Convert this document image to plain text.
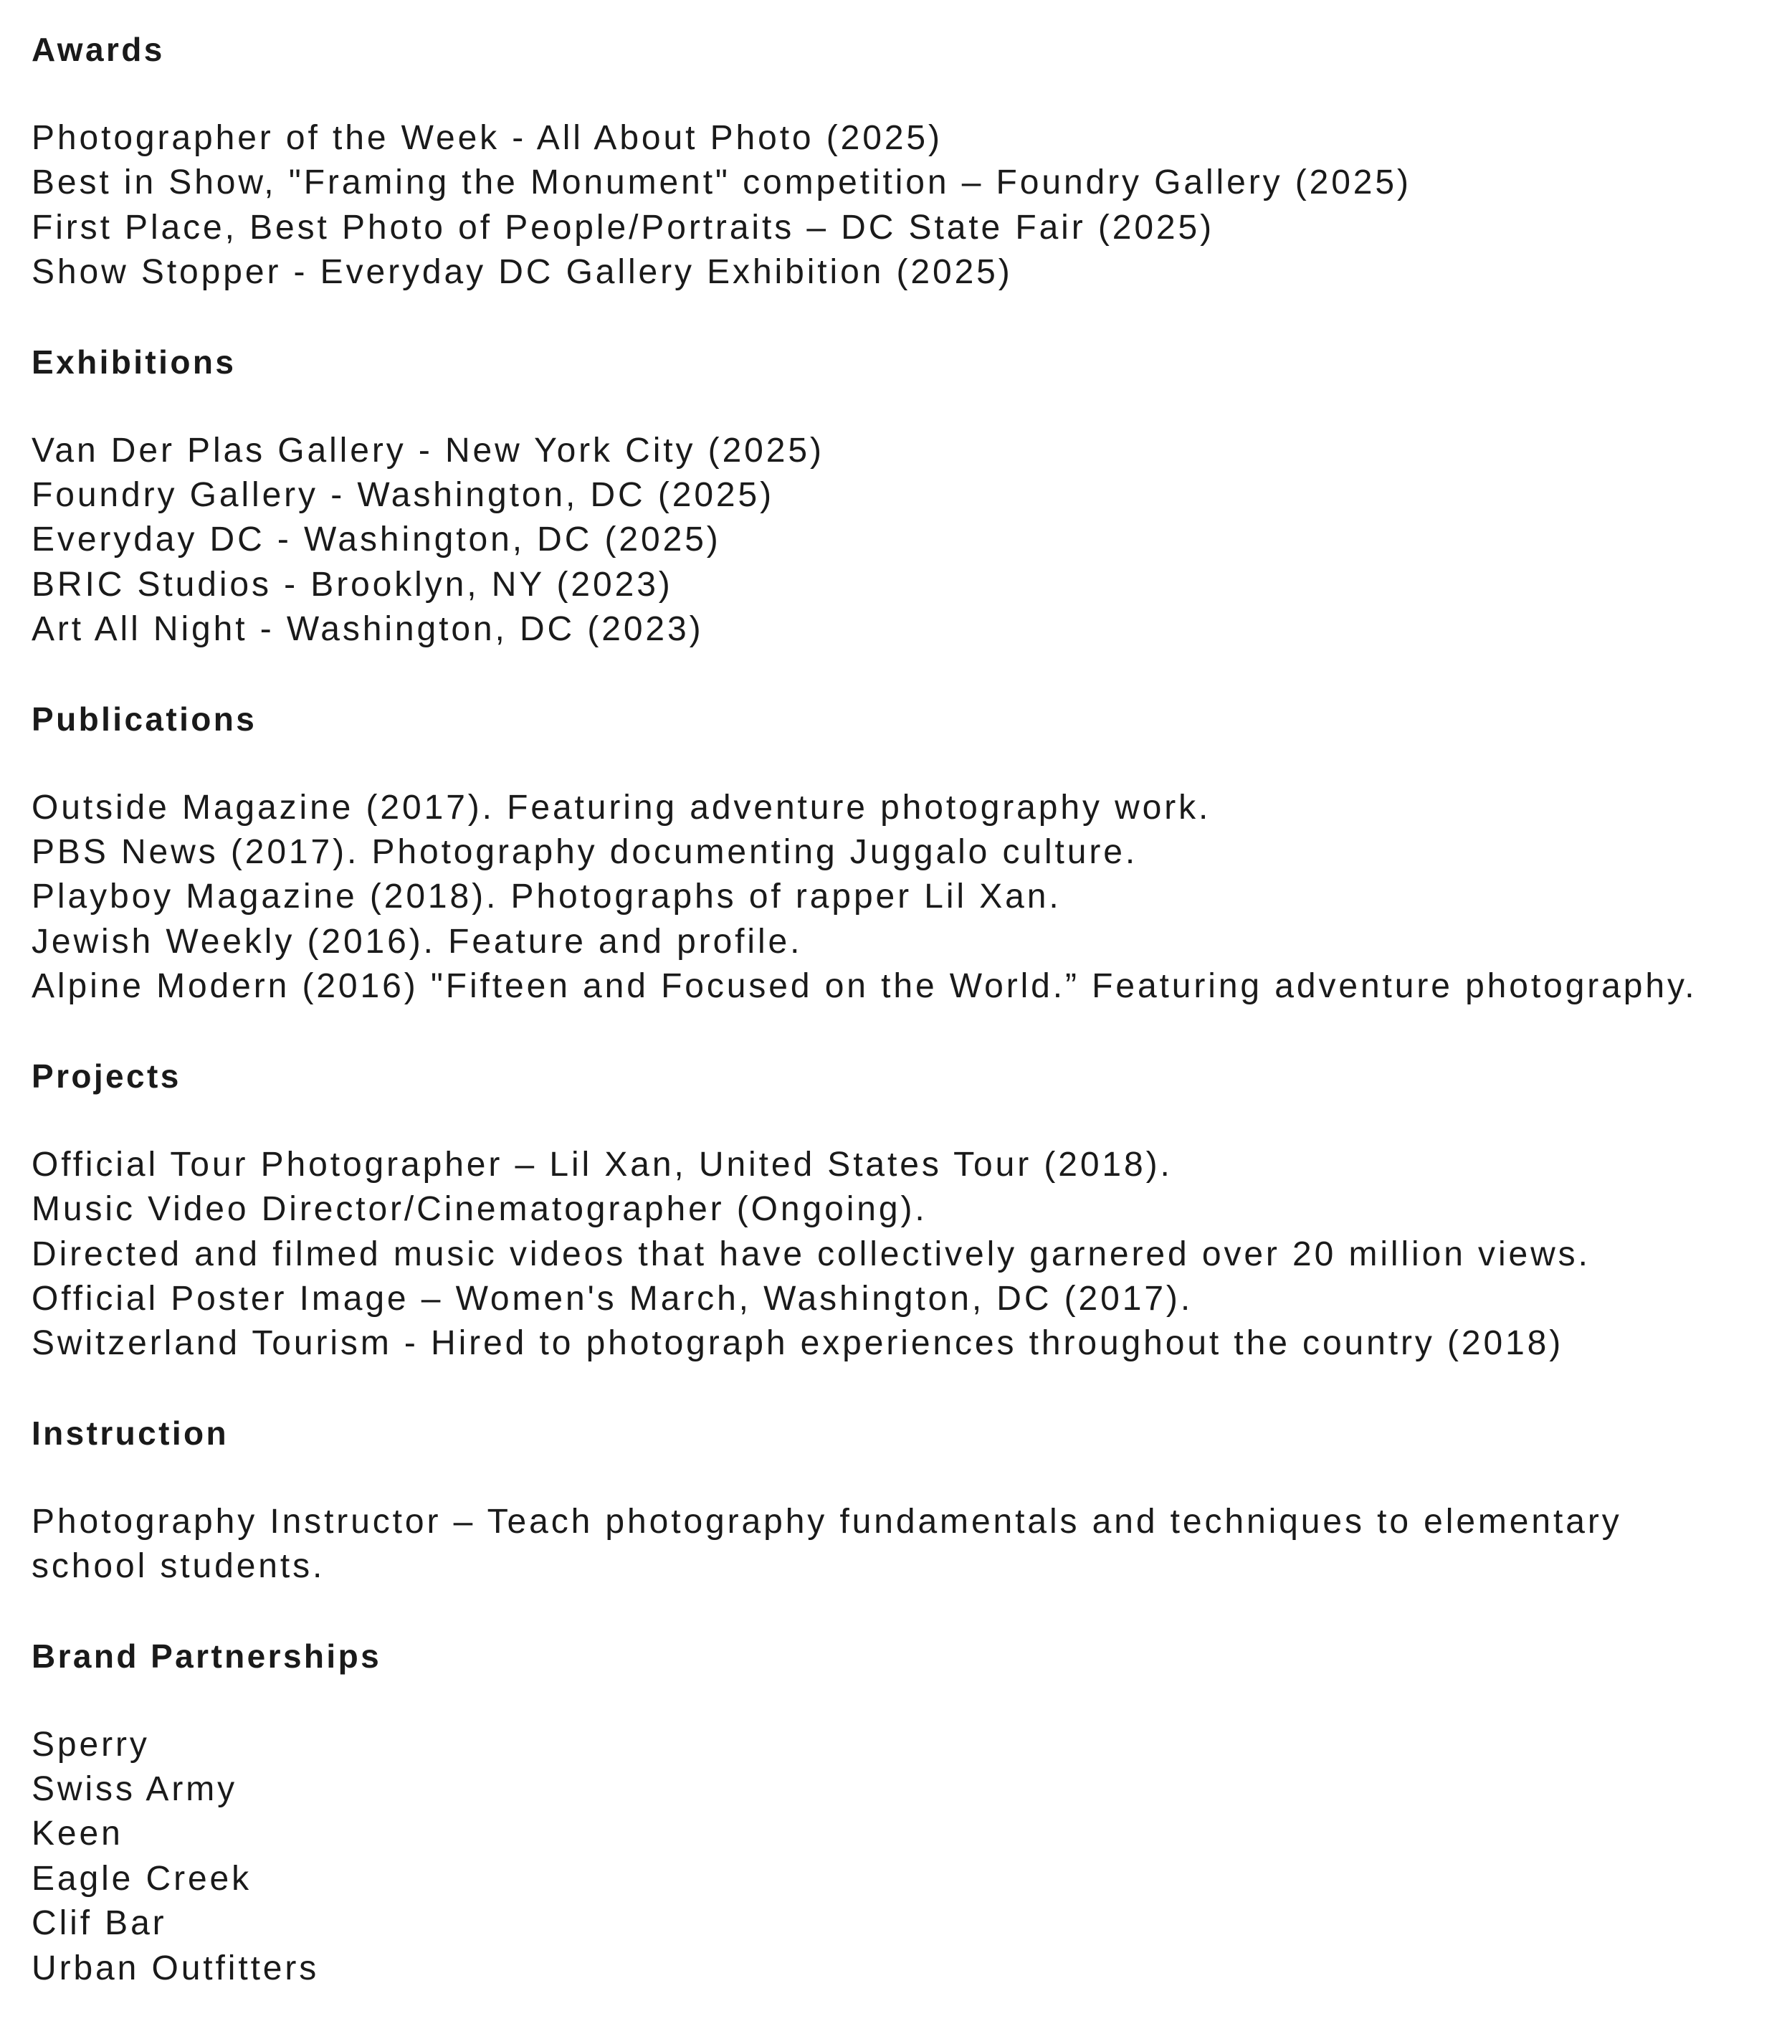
Awards
Photographer of the Week - All About Photo (2025)
Best in Show, "Framing the Monument" competition – Foundry Gallery (2025)
First Place, Best Photo of People/Portraits – DC State Fair (2025)
Show Stopper - Everyday DC Gallery Exhibition (2025)
Exhibitions
Van Der Plas Gallery - New York City (2025)
Foundry Gallery - Washington, DC (2025)
Everyday DC - Washington, DC (2025)
BRIC Studios - Brooklyn, NY (2023)
Art All Night - Washington, DC (2023)
Publications
Outside Magazine (2017). Featuring adventure photography work.
PBS News (2017). Photography documenting Juggalo culture.
Playboy Magazine (2018). Photographs of rapper Lil Xan.
Jewish Weekly (2016). Feature and profile.
Alpine Modern (2016) "Fifteen and Focused on the World.” Featuring adventure photography.
Projects
Official Tour Photographer – Lil Xan, United States Tour (2018).
Music Video Director/Cinematographer (Ongoing).
Directed and filmed music videos that have collectively garnered over 20 million views.
Official Poster Image – Women's March, Washington, DC (2017).
Switzerland Tourism - Hired to photograph experiences throughout the country (2018)
Instruction
Photography Instructor – Teach photography fundamentals and techniques to elementary school students.
Brand Partnerships
Sperry
Swiss Army
Keen
Eagle Creek
Clif Bar
Urban Outfitters
